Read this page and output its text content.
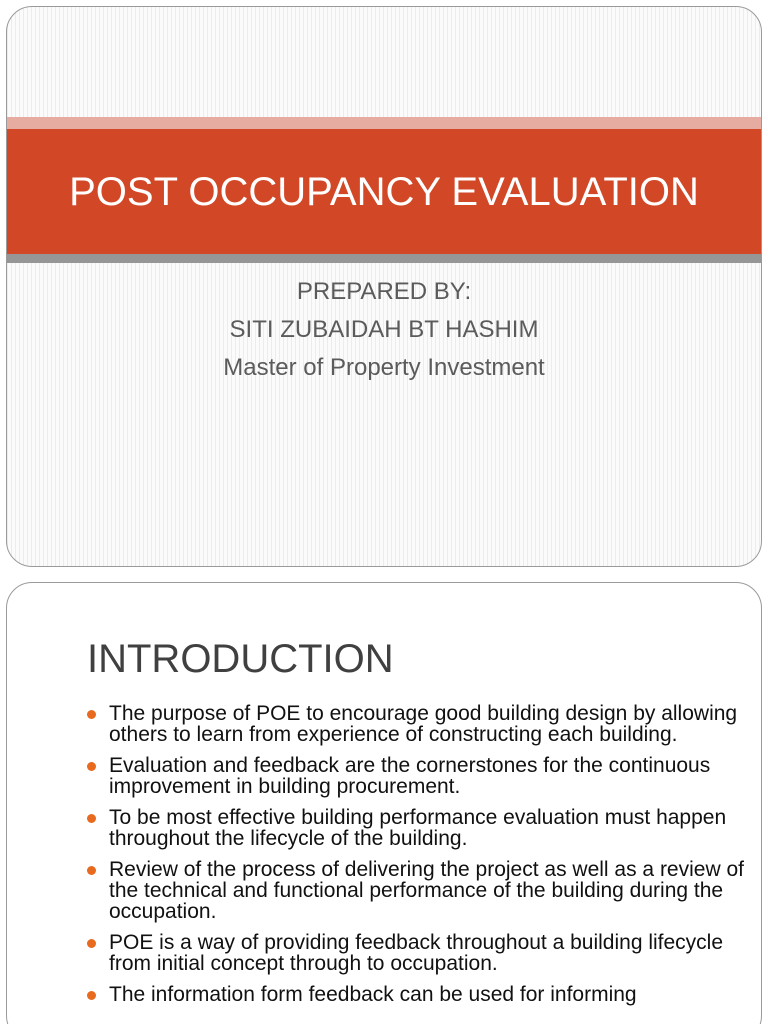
POST OCCUPANCY EVALUATION
PREPARED BY:
SITI ZUBAIDAH BT HASHIM
Master of Property Investment
INTRODUCTION
The purpose of POE to encourage good building design by allowing others to learn from experience of constructing each building.
Evaluation and feedback are the cornerstones for the continuous improvement in building procurement.
To be most effective building performance evaluation must happen throughout the lifecycle of the building.
Review of the process of delivering the project as well as a review of the technical and functional performance of the building during the occupation.
POE is a way of providing feedback throughout a building lifecycle from initial concept through to occupation.
The information form feedback can be used for informing
